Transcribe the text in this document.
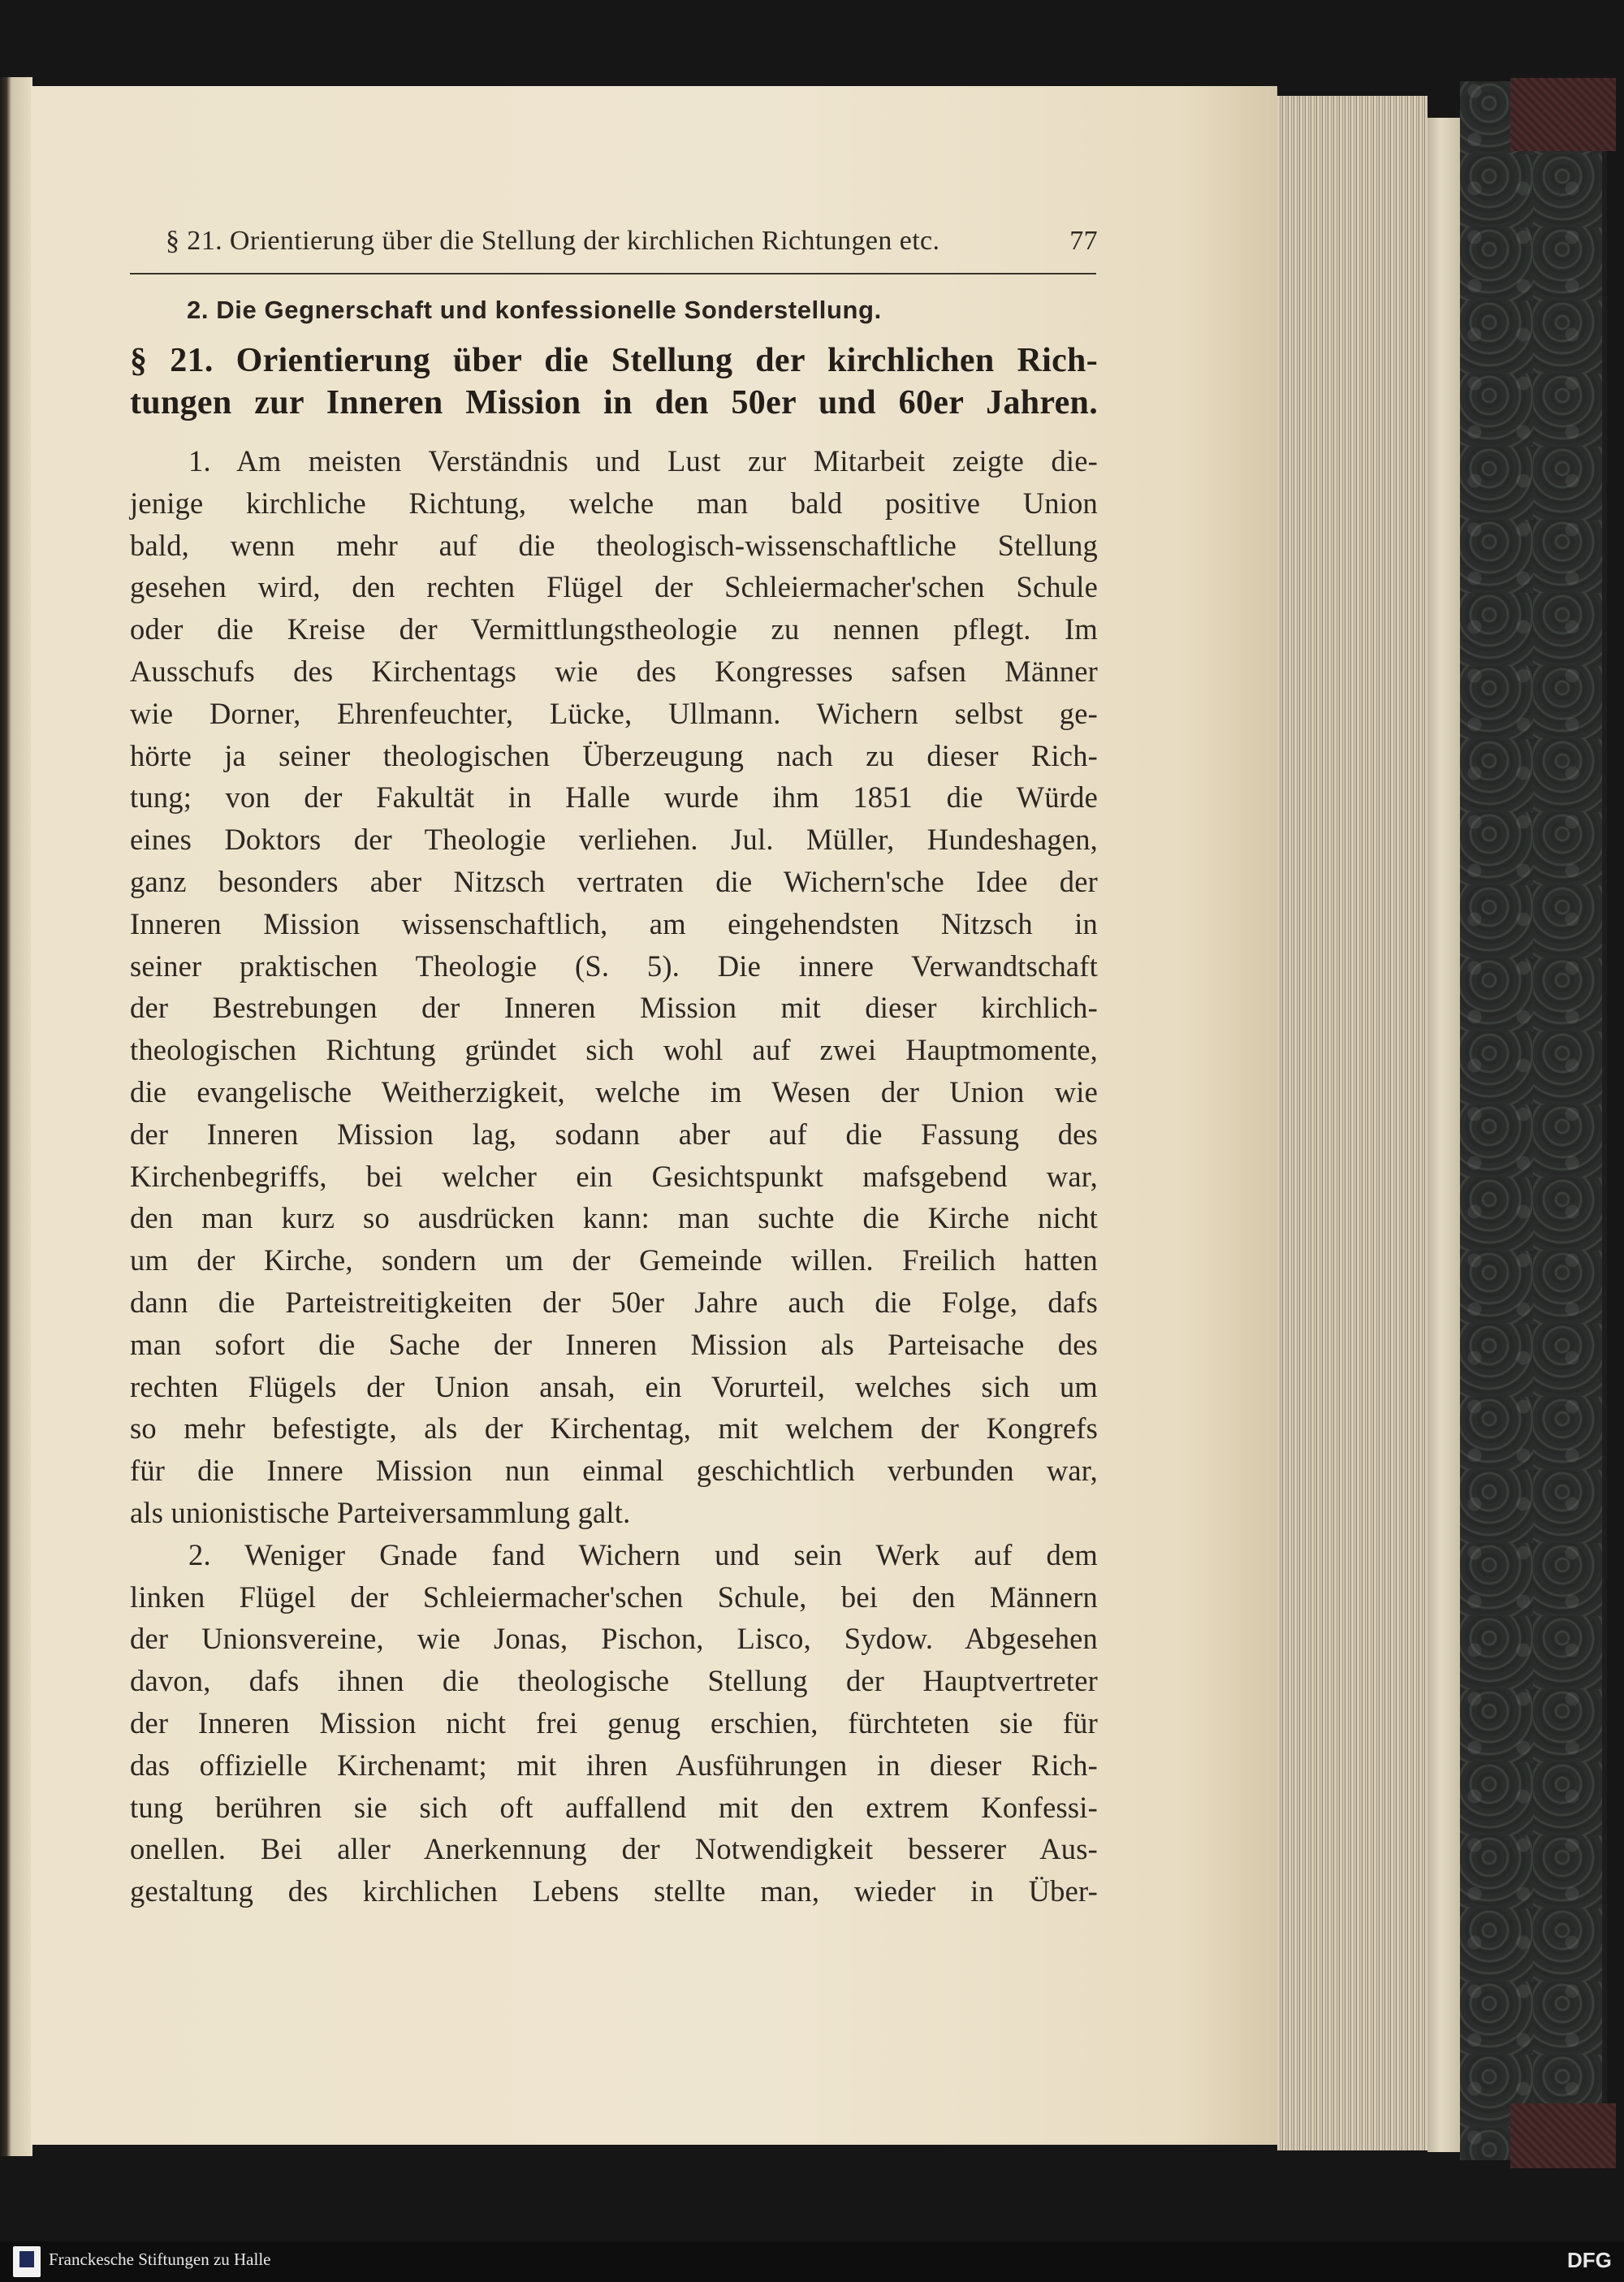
§ 21. Orientierung über die Stellung der kirchlichen Richtungen etc.	77
2. Die Gegnerschaft und konfessionelle Sonderstellung.
§ 21. Orientierung über die Stellung der kirchlichen Rich-
tungen zur Inneren Mission in den 50er und 60er Jahren.
1. Am meisten Verständnis und Lust zur Mitarbeit zeigte die-
jenige kirchliche Richtung, welche man bald positive Union
bald, wenn mehr auf die theologisch-wissenschaftliche Stellung
gesehen wird, den rechten Flügel der Schleiermacher'schen Schule
oder die Kreise der Vermittlungstheologie zu nennen pflegt. Im
Ausschufs des Kirchentags wie des Kongresses safsen Männer
wie Dorner, Ehrenfeuchter, Lücke, Ullmann. Wichern selbst ge-
hörte ja seiner theologischen Überzeugung nach zu dieser Rich-
tung; von der Fakultät in Halle wurde ihm 1851 die Würde
eines Doktors der Theologie verliehen. Jul. Müller, Hundeshagen,
ganz besonders aber Nitzsch vertraten die Wichern'sche Idee der
Inneren Mission wissenschaftlich, am eingehendsten Nitzsch in
seiner praktischen Theologie (S. 5). Die innere Verwandtschaft
der Bestrebungen der Inneren Mission mit dieser kirchlich-
theologischen Richtung gründet sich wohl auf zwei Hauptmomente,
die evangelische Weitherzigkeit, welche im Wesen der Union wie
der Inneren Mission lag, sodann aber auf die Fassung des
Kirchenbegriffs, bei welcher ein Gesichtspunkt mafsgebend war,
den man kurz so ausdrücken kann: man suchte die Kirche nicht
um der Kirche, sondern um der Gemeinde willen. Freilich hatten
dann die Parteistreitigkeiten der 50er Jahre auch die Folge, dafs
man sofort die Sache der Inneren Mission als Parteisache des
rechten Flügels der Union ansah, ein Vorurteil, welches sich um
so mehr befestigte, als der Kirchentag, mit welchem der Kongrefs
für die Innere Mission nun einmal geschichtlich verbunden war,
als unionistische Parteiversammlung galt.
2. Weniger Gnade fand Wichern und sein Werk auf dem
linken Flügel der Schleiermacher'schen Schule, bei den Männern
der Unionsvereine, wie Jonas, Pischon, Lisco, Sydow. Abgesehen
davon, dafs ihnen die theologische Stellung der Hauptvertreter
der Inneren Mission nicht frei genug erschien, fürchteten sie für
das offizielle Kirchenamt; mit ihren Ausführungen in dieser Rich-
tung berühren sie sich oft auffallend mit den extrem Konfessi-
onellen. Bei aller Anerkennung der Notwendigkeit besserer Aus-
gestaltung des kirchlichen Lebens stellte man, wieder in Über-
Franckesche Stiftungen zu Halle	DFG
